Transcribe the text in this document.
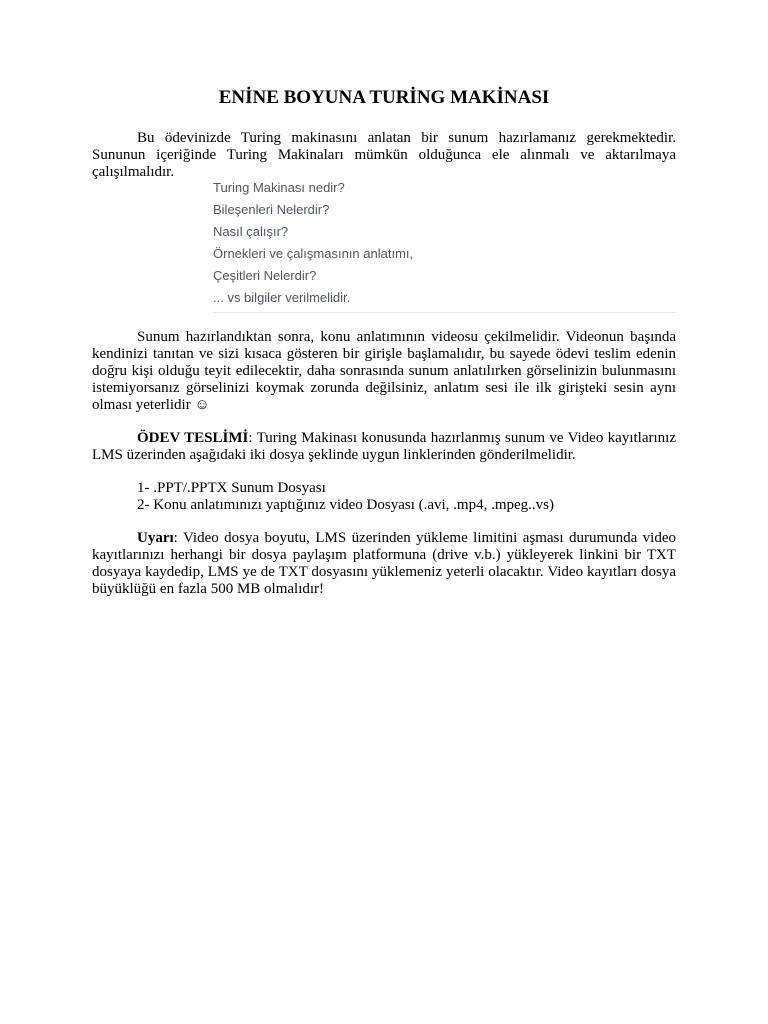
ENİNE BOYUNA TURİNG MAKİNASI

Bu ödevinizde Turing makinasını anlatan bir sunum hazırlamanız gerekmektedir. Sununun içeriğinde Turing Makinaları mümkün olduğunca ele alınmalı ve aktarılmaya çalışılmalıdır.

Turing Makinası nedir?
Bileşenleri Nelerdir?
Nasıl çalışır?
Örnekleri ve çalışmasının anlatımı,
Çeşitleri Nelerdir?
... vs bilgiler verilmelidir.

Sunum hazırlandıktan sonra, konu anlatımının videosu çekilmelidir. Videonun başında kendinizi tanıtan ve sizi kısaca gösteren bir girişle başlamalıdır, bu sayede ödevi teslim edenin doğru kişi olduğu teyit edilecektir, daha sonrasında sunum anlatılırken görselinizin bulunmasını istemiyorsanız görselinizi koymak zorunda değilsiniz, anlatım sesi ile ilk girişteki sesin aynı olması yeterlidir ☺

ÖDEV TESLİMİ: Turing Makinası konusunda hazırlanmış sunum ve Video kayıtlarınız LMS üzerinden aşağıdaki iki dosya şeklinde uygun linklerinden gönderilmelidir.

1- .PPT/.PPTX Sunum Dosyası
2- Konu anlatımınızı yaptığınız video Dosyası (.avi, .mp4, .mpeg..vs)

Uyarı: Video dosya boyutu, LMS üzerinden yükleme limitini aşması durumunda video kayıtlarınızı herhangi bir dosya paylaşım platformuna (drive v.b.) yükleyerek linkini bir TXT dosyaya kaydedip, LMS ye de TXT dosyasını yüklemeniz yeterli olacaktır. Video kayıtları dosya büyüklüğü en fazla 500 MB olmalıdır!
